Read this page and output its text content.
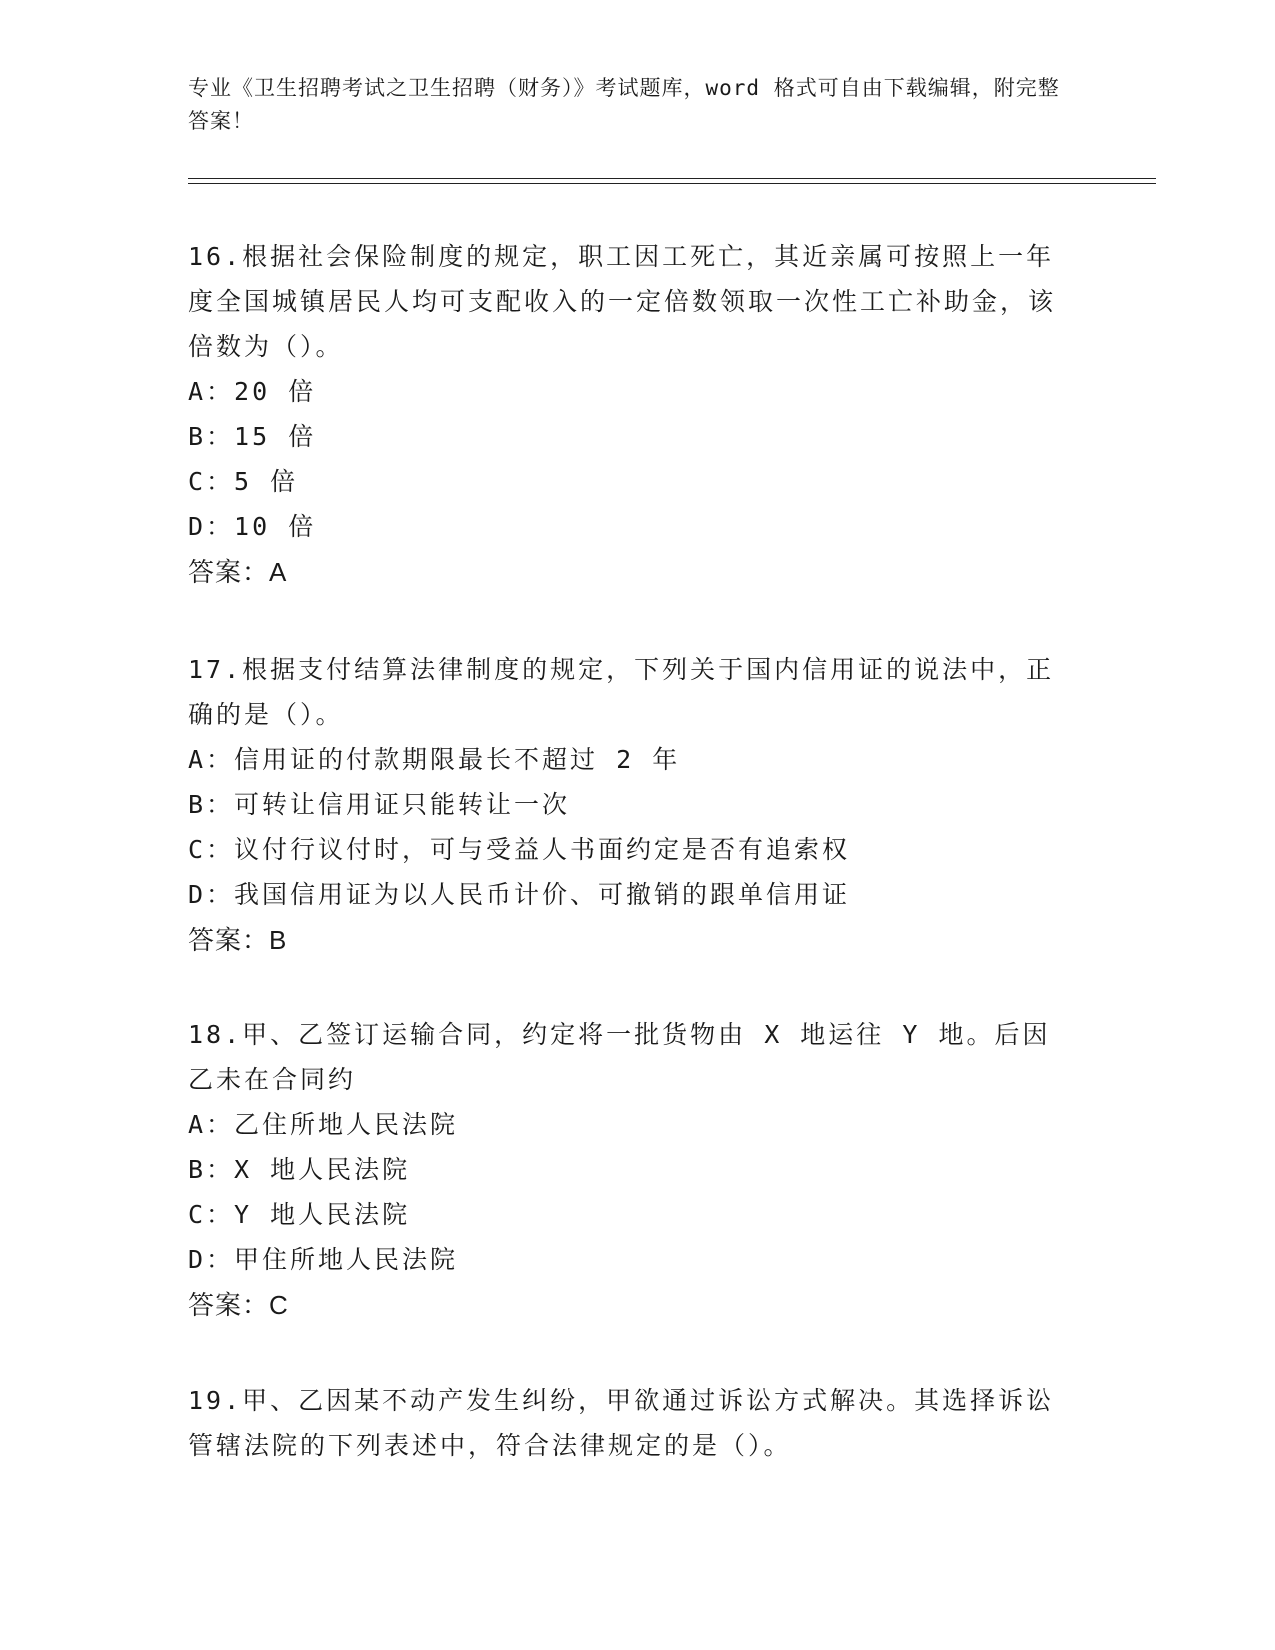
专业《卫生招聘考试之卫生招聘（财务）》考试题库，word 格式可自由下载编辑，附完整答案！

16.根据社会保险制度的规定，职工因工死亡，其近亲属可按照上一年度全国城镇居民人均可支配收入的一定倍数领取一次性工亡补助金，该倍数为（）。

A：20 倍

B：15 倍

C：5 倍

D：10 倍

答案：A

17.根据支付结算法律制度的规定，下列关于国内信用证的说法中，正确的是（）。

A：信用证的付款期限最长不超过 2 年

B：可转让信用证只能转让一次

C：议付行议付时，可与受益人书面约定是否有追索权

D：我国信用证为以人民币计价、可撤销的跟单信用证

答案：B

18.甲、乙签订运输合同，约定将一批货物由 X 地运往 Y 地。后因乙未在合同约

A：乙住所地人民法院

B：X 地人民法院

C：Y 地人民法院

D：甲住所地人民法院

答案：C

19.甲、乙因某不动产发生纠纷，甲欲通过诉讼方式解决。其选择诉讼管辖法院的下列表述中，符合法律规定的是（）。
